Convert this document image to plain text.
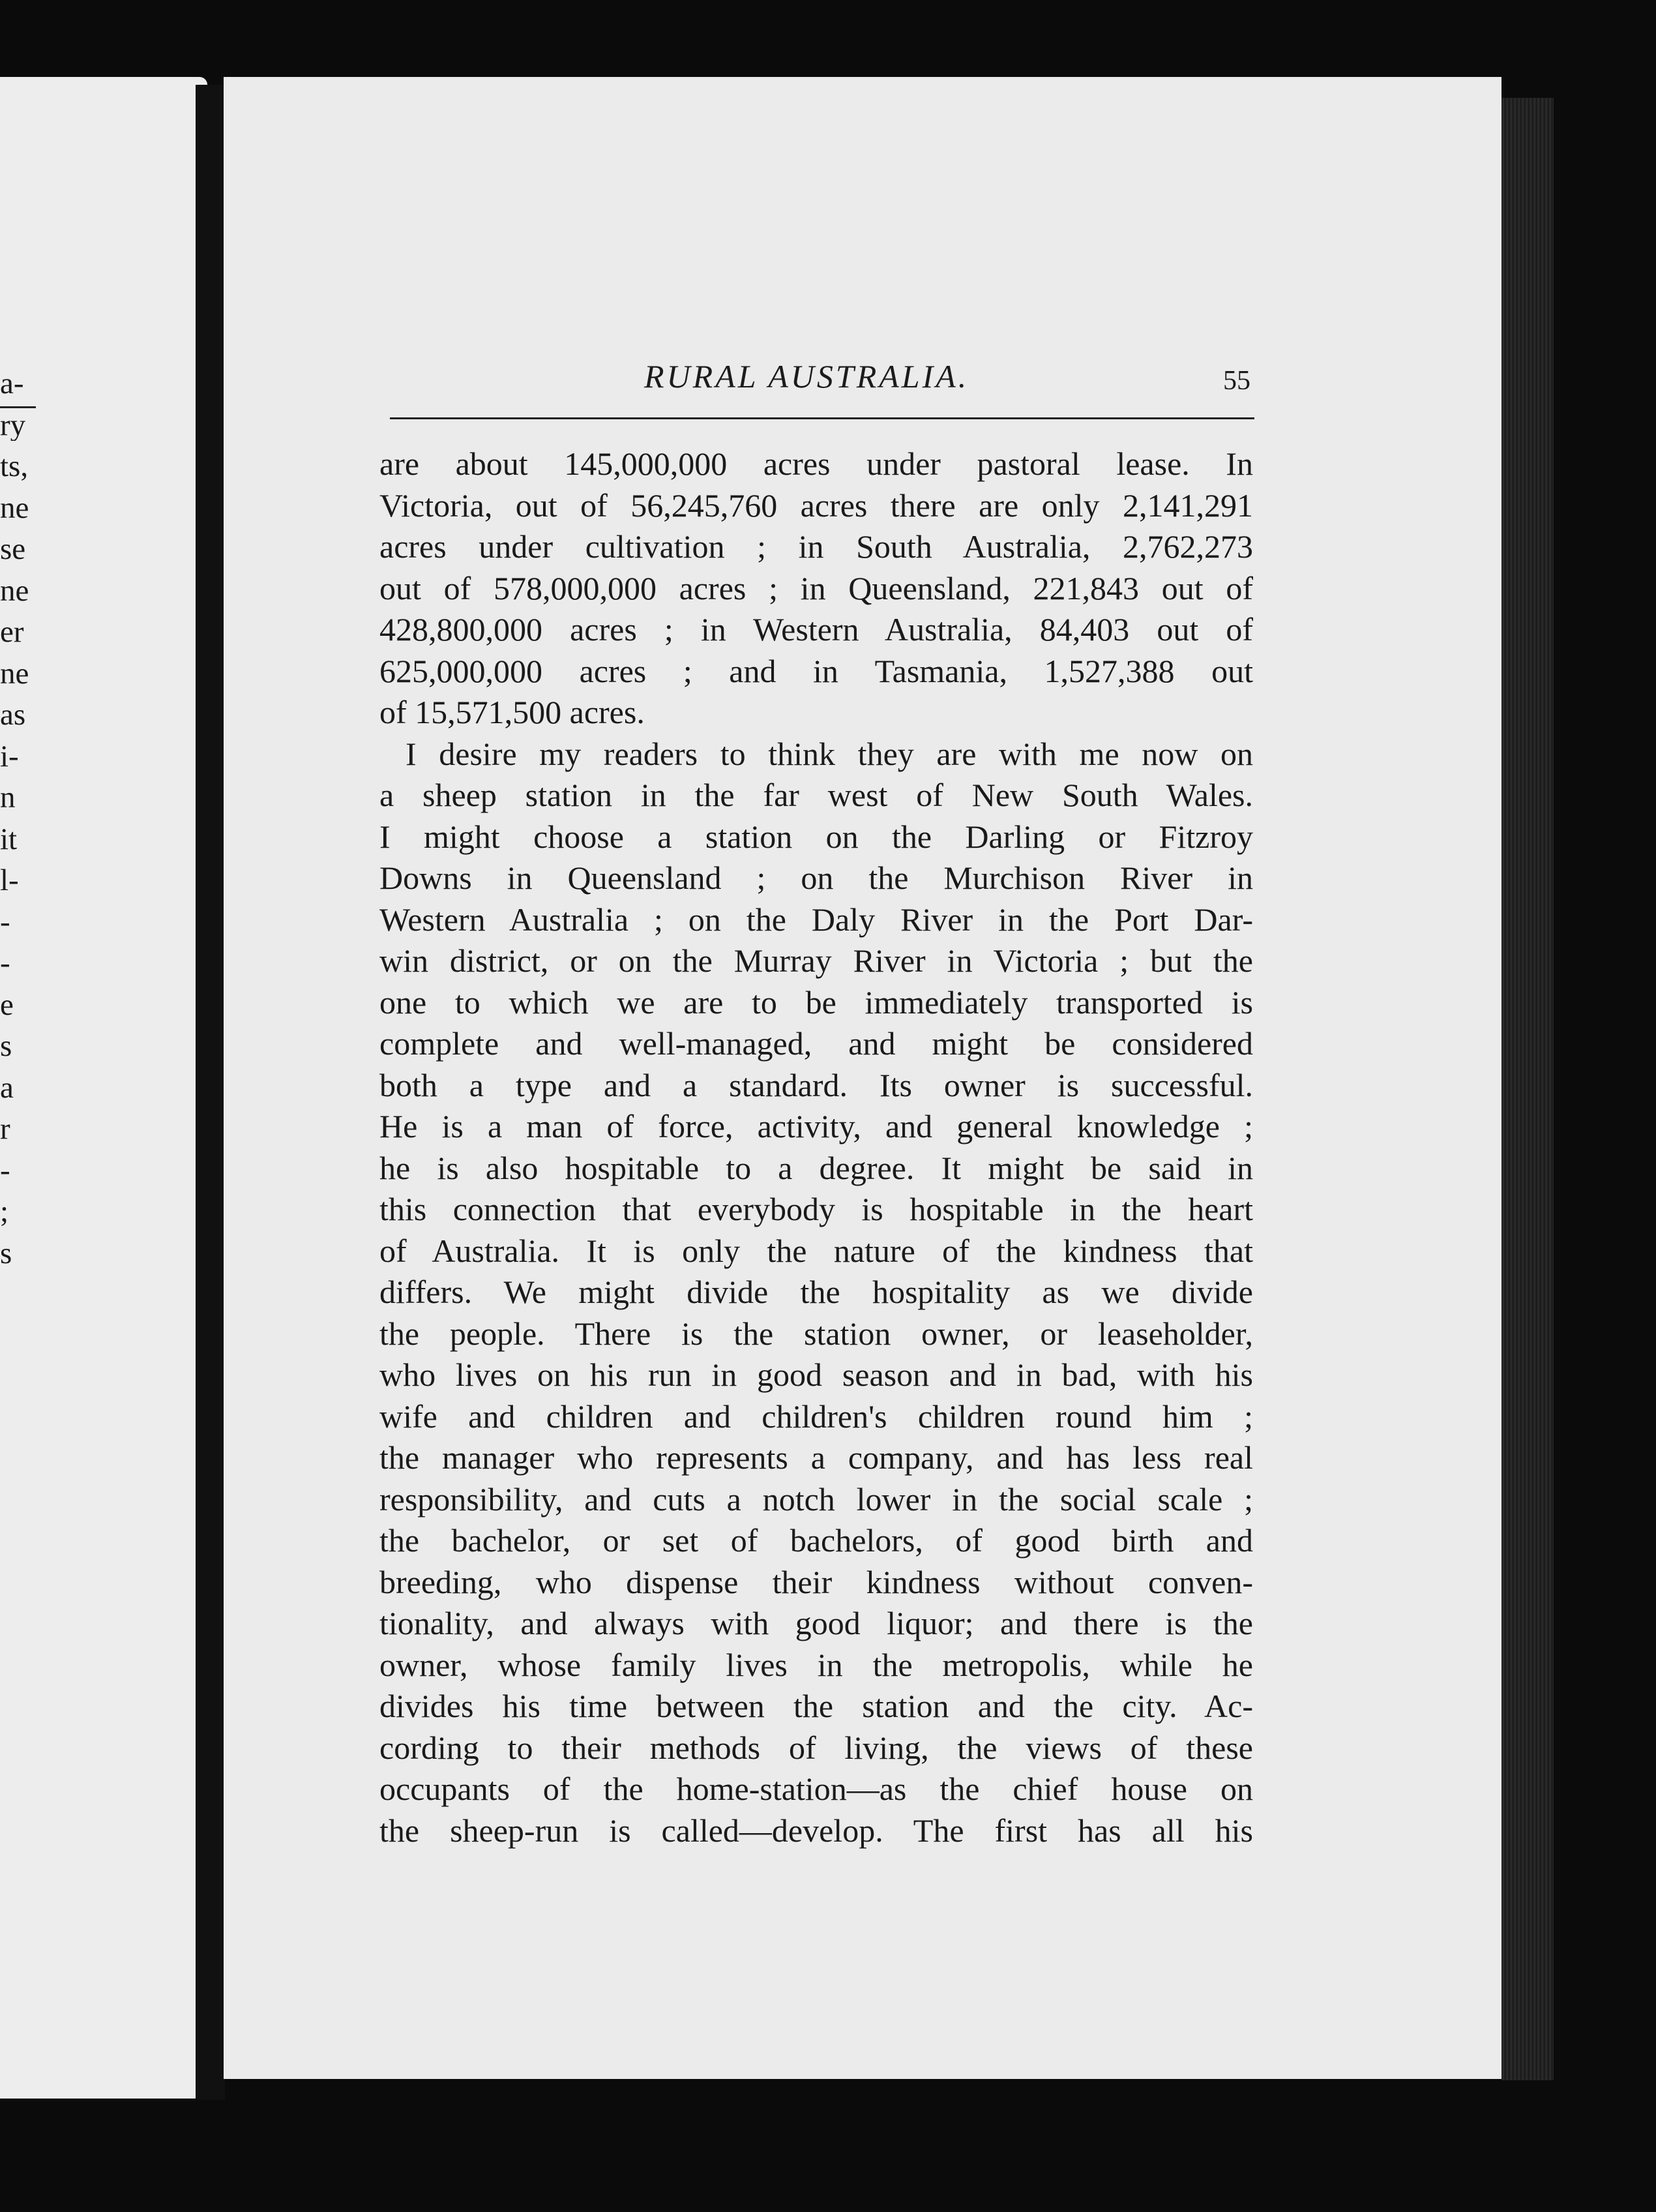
a-
ry
ts,
ne
se
ne
er
ne
as
i-
n
it
l-
-
-
e
s
a
r
-
;
s
RURAL AUSTRALIA.	55
are about 145,000,000 acres under pastoral lease. In
Victoria, out of 56,245,760 acres there are only 2,141,291
acres under cultivation ; in South Australia, 2,762,273
out of 578,000,000 acres ; in Queensland, 221,843 out of
428,800,000 acres ; in Western Australia, 84,403 out of
625,000,000 acres ; and in Tasmania, 1,527,388 out
of 15,571,500 acres.
I desire my readers to think they are with me now on
a sheep station in the far west of New South Wales.
I might choose a station on the Darling or Fitzroy
Downs in Queensland ; on the Murchison River in
Western Australia ; on the Daly River in the Port Dar-
win district, or on the Murray River in Victoria ; but the
one to which we are to be immediately transported is
complete and well-managed, and might be considered
both a type and a standard. Its owner is successful.
He is a man of force, activity, and general knowledge ;
he is also hospitable to a degree. It might be said in
this connection that everybody is hospitable in the heart
of Australia. It is only the nature of the kindness that
differs. We might divide the hospitality as we divide
the people. There is the station owner, or leaseholder,
who lives on his run in good season and in bad, with his
wife and children and children's children round him ;
the manager who represents a company, and has less real
responsibility, and cuts a notch lower in the social scale ;
the bachelor, or set of bachelors, of good birth and
breeding, who dispense their kindness without conven-
tionality, and always with good liquor; and there is the
owner, whose family lives in the metropolis, while he
divides his time between the station and the city. Ac-
cording to their methods of living, the views of these
occupants of the home-station—as the chief house on
the sheep-run is called—develop. The first has all his
